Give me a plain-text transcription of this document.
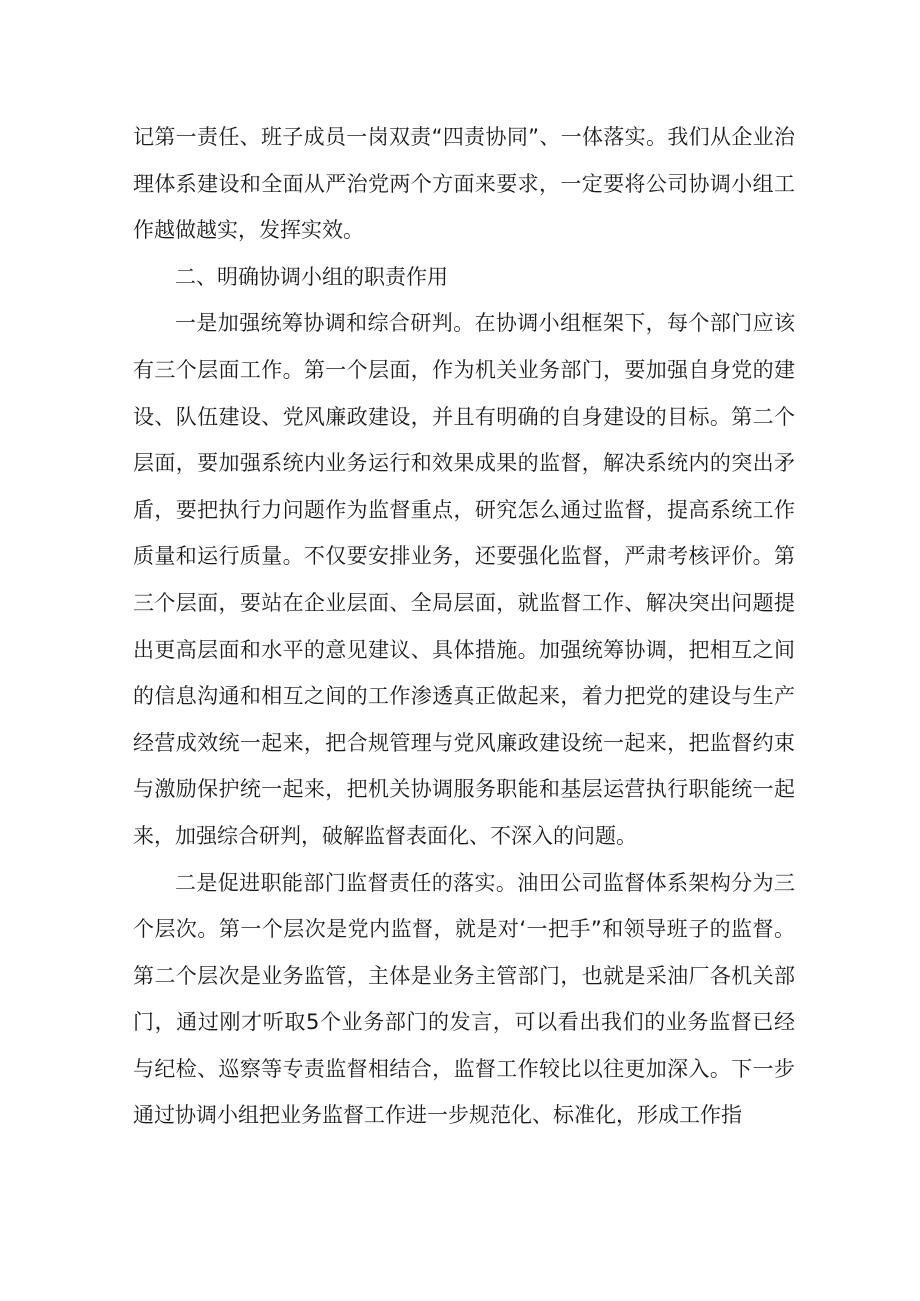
记第一责任、班子成员一岗双责“四责协同”、一体落实。我们从企业治理体系建设和全面从严治党两个方面来要求，一定要将公司协调小组工作越做越实，发挥实效。

二、明确协调小组的职责作用

一是加强统筹协调和综合研判。在协调小组框架下，每个部门应该有三个层面工作。第一个层面，作为机关业务部门，要加强自身党的建设、队伍建设、党风廉政建设，并且有明确的自身建设的目标。第二个层面，要加强系统内业务运行和效果成果的监督，解决系统内的突出矛盾，要把执行力问题作为监督重点，研究怎么通过监督，提高系统工作质量和运行质量。不仅要安排业务，还要强化监督，严肃考核评价。第三个层面，要站在企业层面、全局层面，就监督工作、解决突出问题提出更高层面和水平的意见建议、具体措施。加强统筹协调，把相互之间的信息沟通和相互之间的工作渗透真正做起来，着力把党的建设与生产经营成效统一起来，把合规管理与党风廉政建设统一起来，把监督约束与激励保护统一起来，把机关协调服务职能和基层运营执行职能统一起来，加强综合研判，破解监督表面化、不深入的问题。

二是促进职能部门监督责任的落实。油田公司监督体系架构分为三个层次。第一个层次是党内监督，就是对‘一把手”和领导班子的监督。第二个层次是业务监管，主体是业务主管部门，也就是采油厂各机关部门，通过刚才听取5个业务部门的发言，可以看出我们的业务监督已经与纪检、巡察等专责监督相结合，监督工作较比以往更加深入。下一步通过协调小组把业务监督工作进一步规范化、标准化，形成工作指
